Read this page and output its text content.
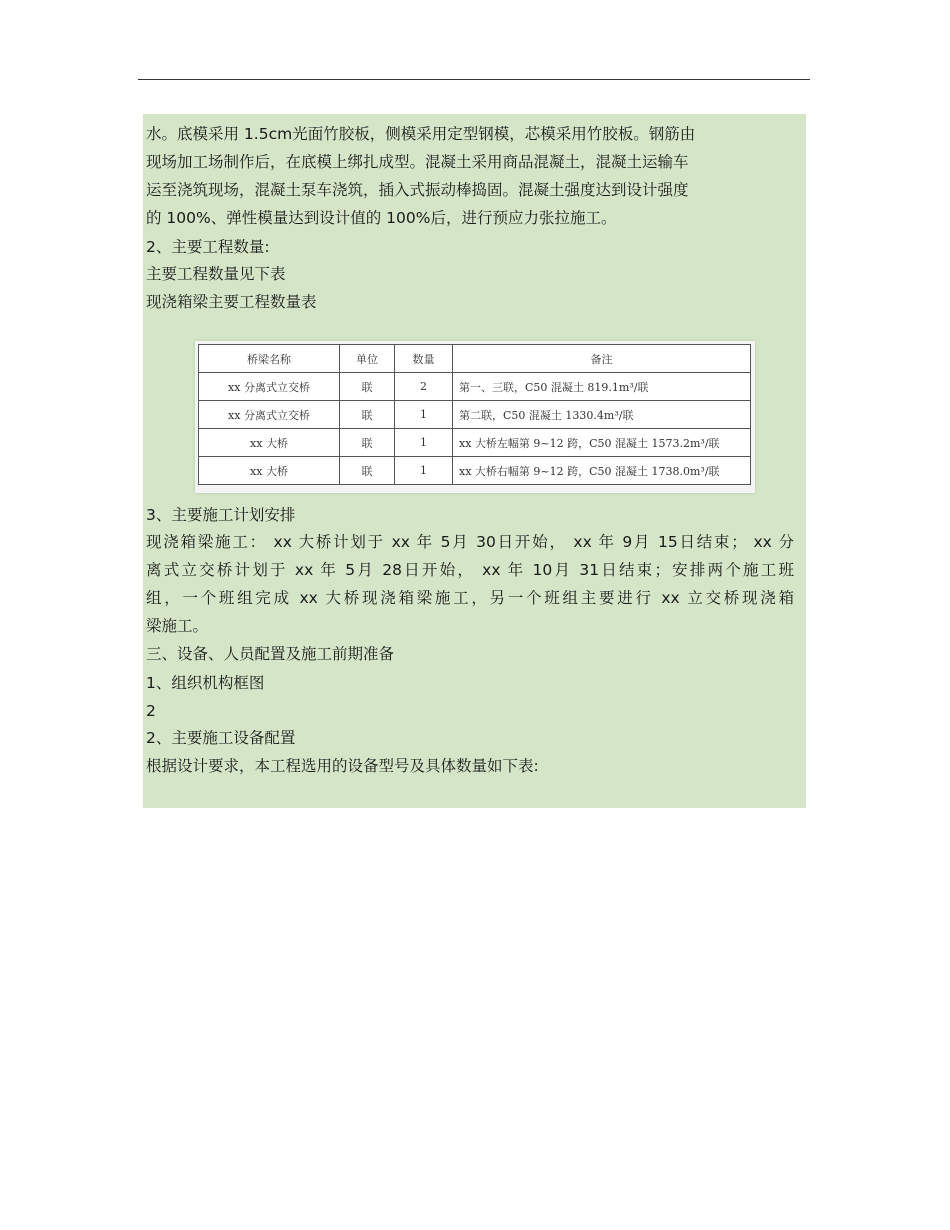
水。底模采用 1.5cm光面竹胶板，侧模采用定型钢模，芯模采用竹胶板。钢筋由
现场加工场制作后，在底模上绑扎成型。混凝土采用商品混凝土，混凝土运输车
运至浇筑现场，混凝土泵车浇筑，插入式振动棒捣固。混凝土强度达到设计强度
的 100%、弹性模量达到设计值的 100%后，进行预应力张拉施工。
2、主要工程数量:
主要工程数量见下表
现浇箱梁主要工程数量表
桥梁名称	单位	数量	备注
xx 分离式立交桥	联	2	第一、三联，C50 混凝土 819.1m³/联
xx 分离式立交桥	联	1	第二联，C50 混凝土 1330.4m³/联
xx 大桥	联	1	xx 大桥左幅第 9~12 跨，C50 混凝土 1573.2m³/联
xx 大桥	联	1	xx 大桥右幅第 9~12 跨，C50 混凝土 1738.0m³/联
3、主要施工计划安排
现浇箱梁施工： xx 大桥计划于 xx 年 5月 30日开始， xx 年 9月 15日结束； xx 分
离式立交桥计划于 xx 年 5月 28日开始， xx 年 10月 31日结束；安排两个施工班
组，一个班组完成 xx 大桥现浇箱梁施工，另一个班组主要进行 xx 立交桥现浇箱
梁施工。
三、设备、人员配置及施工前期准备
1、组织机构框图
2
2、主要施工设备配置
根据设计要求，本工程选用的设备型号及具体数量如下表:
